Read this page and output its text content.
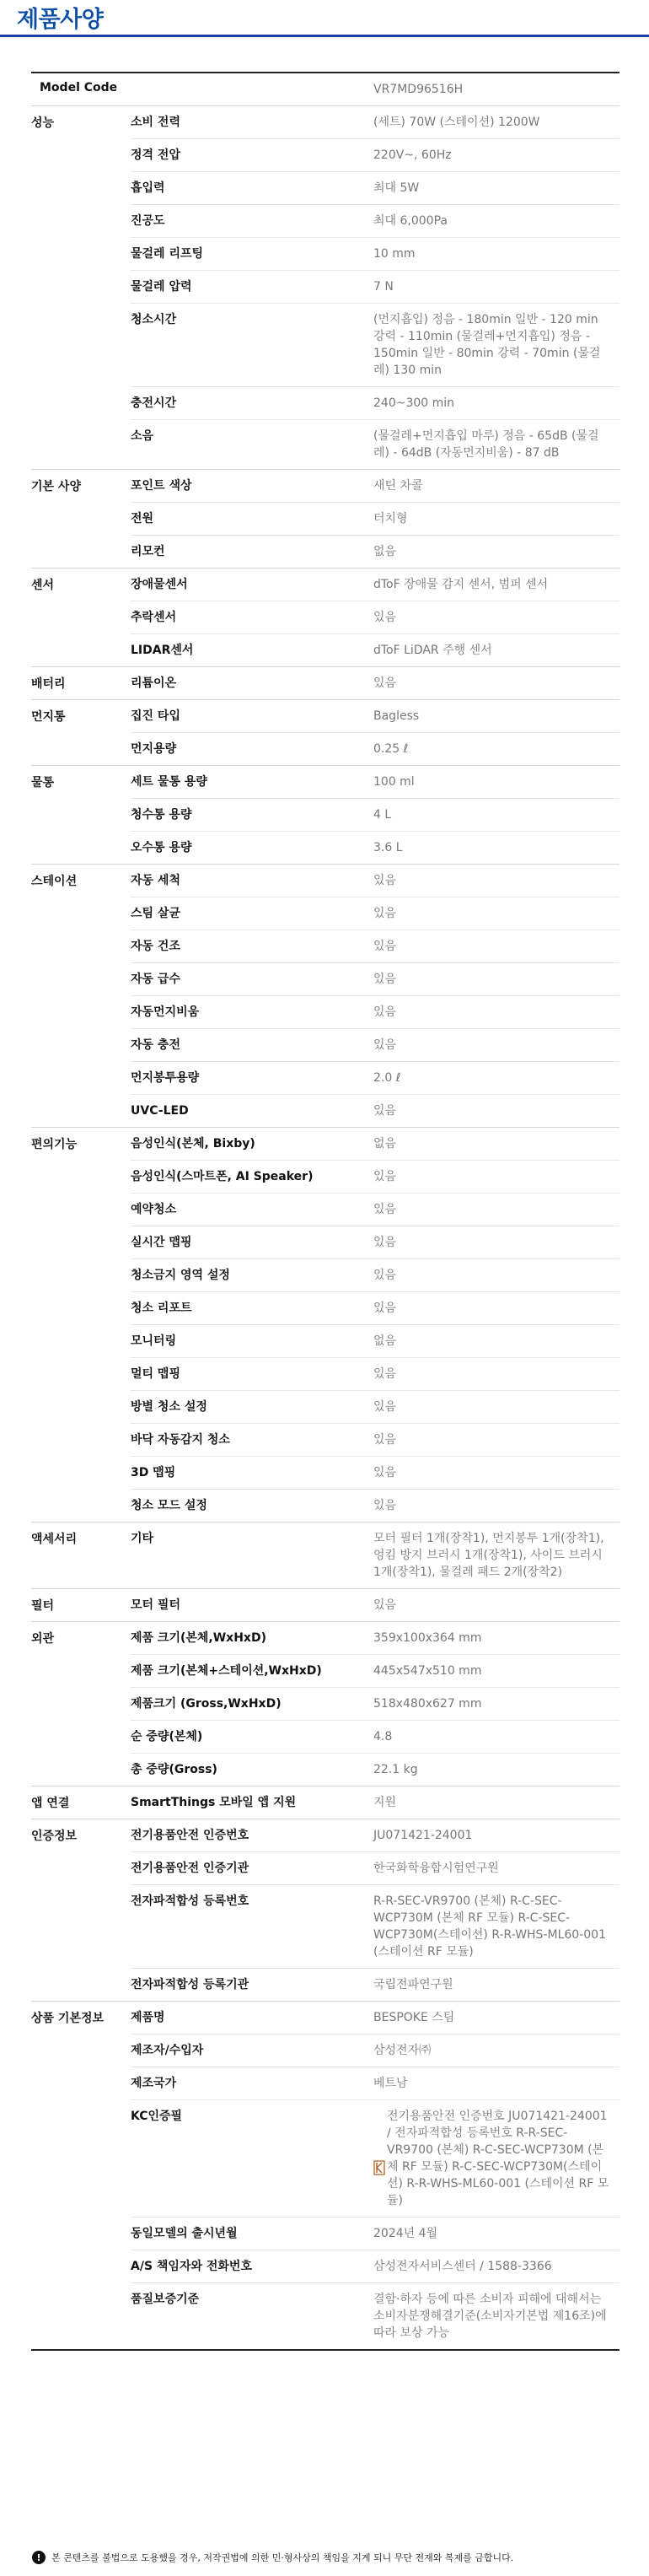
제품사양
Model Code	VR7MD96516H
성능	소비 전력	(세트) 70W (스테이션) 1200W
정격 전압	220V~, 60Hz
흡입력	최대 5W
진공도	최대 6,000Pa
물걸레 리프팅	10 mm
물걸레 압력	7 N
청소시간	(먼지흡입) 정음 - 180min 일반 - 120 min 강력 - 110min (물걸레+먼지흡입) 정음 - 150min 일반 - 80min 강력 - 70min (물걸레) 130 min
충전시간	240~300 min
소음	(물걸레+먼지흡입 마루) 정음 - 65dB (물걸레) - 64dB (자동먼지비움) - 87 dB
기본 사양	포인트 색상	새틴 차콜
전원	터치형
리모컨	없음
센서	장애물센서	dToF 장애물 감지 센서, 범퍼 센서
추락센서	있음
LIDAR센서	dToF LiDAR 주행 센서
배터리	리튬이온	있음
먼지통	집진 타입	Bagless
먼지용량	0.25 ℓ
물통	세트 물통 용량	100 ml
청수통 용량	4 L
오수통 용량	3.6 L
스테이션	자동 세척	있음
스팀 살균	있음
자동 건조	있음
자동 급수	있음
자동먼지비움	있음
자동 충전	있음
먼지봉투용량	2.0 ℓ
UVC-LED	있음
편의기능	음성인식(본체, Bixby)	없음
음성인식(스마트폰, AI Speaker)	있음
예약청소	있음
실시간 맵핑	있음
청소금지 영역 설정	있음
청소 리포트	있음
모니터링	없음
멀티 맵핑	있음
방별 청소 설정	있음
바닥 자동감지 청소	있음
3D 맵핑	있음
청소 모드 설정	있음
액세서리	기타	모터 필터 1개(장착1), 먼지봉투 1개(장착1), 엉킴 방지 브러시 1개(장착1), 사이드 브러시 1개(장착1), 물걸레 패드 2개(장착2)
필터	모터 필터	있음
외관	제품 크기(본체,WxHxD)	359x100x364 mm
제품 크기(본체+스테이션,WxHxD)	445x547x510 mm
제품크기 (Gross,WxHxD)	518x480x627 mm
순 중량(본체)	4.8
총 중량(Gross)	22.1 kg
앱 연결	SmartThings 모바일 앱 지원	지원
인증정보	전기용품안전 인증번호	JU071421-24001
전기용품안전 인증기관	한국화학융합시험연구원
전자파적합성 등록번호	R-R-SEC-VR9700 (본체) R-C-SEC-WCP730M (본체 RF 모듈) R-C-SEC-WCP730M(스테이션) R-R-WHS-ML60-001 (스테이션 RF 모듈)
전자파적합성 등록기관	국립전파연구원
상품 기본정보	제품명	BESPOKE 스팀
제조자/수입자	삼성전자㈜
제조국가	베트남
KC인증필	전기용품안전 인증번호 JU071421-24001 / 전자파적합성 등록번호 R-R-SEC-VR9700 (본체) R-C-SEC-WCP730M (본체 RF 모듈) R-C-SEC-WCP730M(스테이션) R-R-WHS-ML60-001 (스테이션 RF 모듈)
동일모델의 출시년월	2024년 4월
A/S 책임자와 전화번호	삼성전자서비스센터 / 1588-3366
품질보증기준	결함·하자 등에 따른 소비자 피해에 대해서는 소비자분쟁해결기준(소비자기본법 제16조)에 따라 보상 가능
!	본 콘텐츠를 불법으로 도용했을 경우, 저작권법에 의한 민·형사상의 책임을 지게 되니 무단 전재와 복제를 금합니다.
